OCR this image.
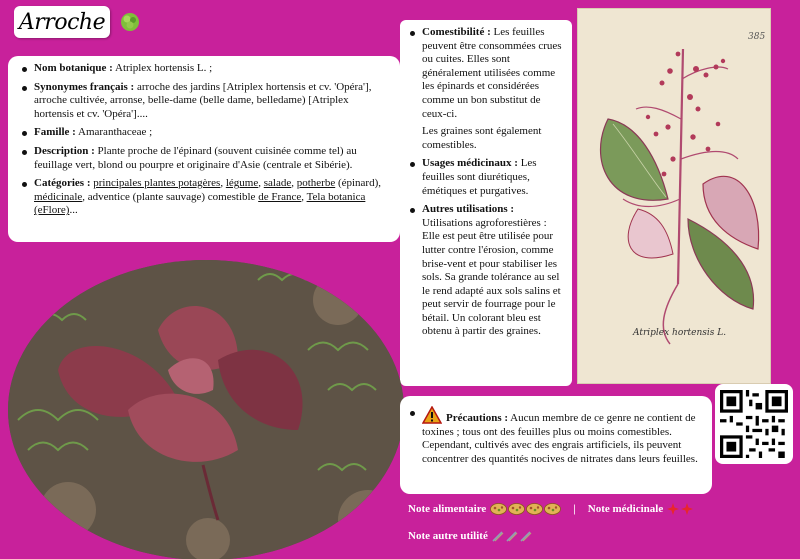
Arroche
Nom botanique : Atriplex hortensis L. ;
Synonymes français : arroche des jardins [Atriplex hortensis et cv. 'Opéra'], arroche cultivée, arronse, belle-dame (belle dame, belledame) [Atriplex hortensis et cv. 'Opéra']....
Famille : Amaranthaceae ;
Description : Plante proche de l'épinard (souvent cuisinée comme tel) au feuillage vert, blond ou pourpre et originaire d'Asie (centrale et Sibérie).
Catégories : principales plantes potagères, légume, salade, potherbe (épinard), médicinale, adventice (plante sauvage) comestible de France, Tela botanica (eFlore)...
Comestibilité : Les feuilles peuvent être consommées crues ou cuites. Elles sont généralement utilisées comme les épinards et considérées comme un bon substitut de ceux-ci.
Les graines sont également comestibles.
Usages médicinaux : Les feuilles sont diurétiques, émétiques et purgatives.
Autres utilisations :
Utilisations agroforestières : Elle est peut être utilisée pour lutter contre l'érosion, comme brise-vent et pour stabiliser les sols. Sa grande tolérance au sel le rend adapté aux sols salins et peut servir de fourrage pour le bétail. Un colorant bleu est obtenu à partir des graines.
385
Atriplex hortensis L.
Précautions : Aucun membre de ce genre ne contient de toxines ; tous ont des feuilles plus ou moins comestibles. Cependant, cultivés avec des engrais artificiels, ils peuvent concentrer des quantités nocives de nitrates dans leurs feuilles.
Note alimentaire	| Note médicinale
Note autre utilité
